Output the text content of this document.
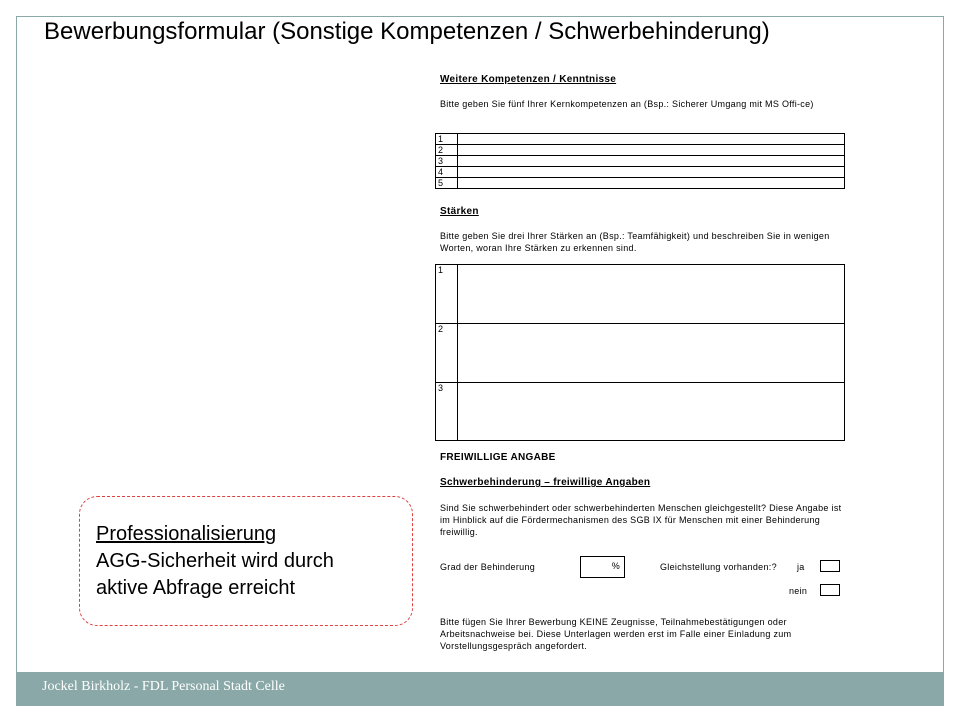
Bewerbungsformular (Sonstige Kompetenzen / Schwerbehinderung)
Weitere Kompetenzen / Kenntnisse
Bitte geben Sie fünf Ihrer Kernkompetenzen an (Bsp.: Sicherer Umgang mit MS Offi-ce)
1	
2	
3	
4	
5	
Stärken
Bitte geben Sie drei Ihrer Stärken an (Bsp.: Teamfähigkeit) und beschreiben Sie in wenigen Worten, woran Ihre Stärken zu erkennen sind.
1	
2	
3	
FREIWILLIGE ANGABE
Schwerbehinderung – freiwillige Angaben
Sind Sie schwerbehindert oder schwerbehinderten Menschen gleichgestellt? Diese Angabe ist im Hinblick auf die Fördermechanismen des SGB IX für Menschen mit einer Behinderung freiwillig.
Grad der Behinderung	%	Gleichstellung vorhanden:? ja
nein
Bitte fügen Sie Ihrer Bewerbung KEINE Zeugnisse, Teilnahmebestätigungen oder Arbeitsnachweise bei. Diese Unterlagen werden erst im Falle einer Einladung zum Vorstellungsgespräch angefordert.
Professionalisierung
AGG-Sicherheit wird durch
aktive Abfrage erreicht
Jockel Birkholz - FDL Personal Stadt Celle
